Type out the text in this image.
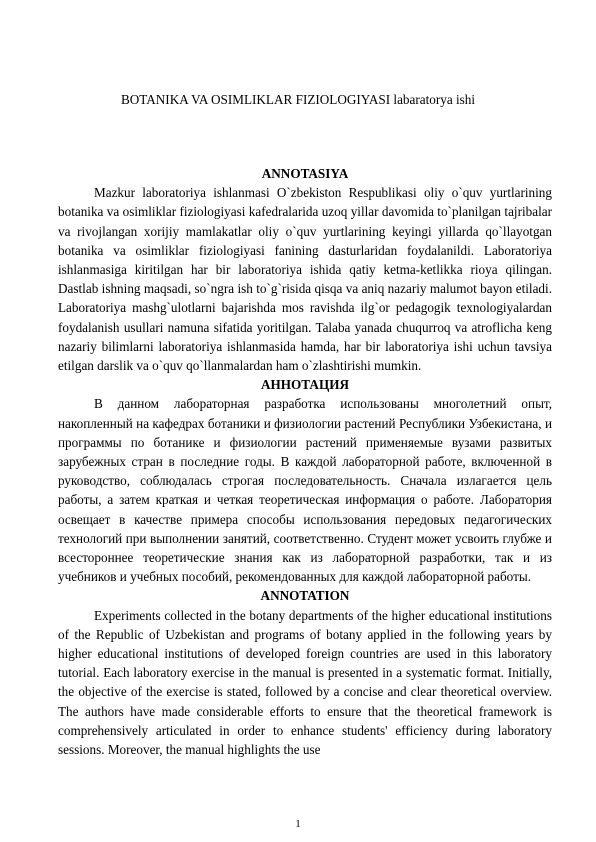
BOTANIKA VA OSIMLIKLAR FIZIOLOGIYASI labaratorya ishi
ANNOTASIYA

Mazkur laboratoriya ishlanmasi O`zbekiston Respublikasi oliy o`quv yurtlarining botanika va osimliklar fiziologiyasi kafedralarida uzoq yillar davomida to`planilgan tajribalar va rivojlangan xorijiy mamlakatlar oliy o`quv yurtlarining keyingi yillarda qo`llayotgan botanika va osimliklar fiziologiyasi fanining dasturlaridan foydalanildi. Laboratoriya ishlanmasiga kiritilgan har bir laboratoriya ishida qatiy ketma-ketlikka rioya qilingan. Dastlab ishning maqsadi, so`ngra ish to`g`risida qisqa va aniq nazariy malumot bayon etiladi. Laboratoriya mashg`ulotlarni bajarishda mos ravishda ilg`or pedagogik texnologiyalardan foydalanish usullari namuna sifatida yoritilgan. Talaba yanada chuqurroq va atroflicha keng nazariy bilimlarni laboratoriya ishlanmasida hamda, har bir laboratoriya ishi uchun tavsiya etilgan darslik va o`quv qo`llanmalardan ham o`zlashtirishi mumkin.

АННОТАЦИЯ

В данном лабораторная разработка использованы многолетний опыт, накопленный на кафедрах ботаники и физиологии растений Республики Узбекистана, и программы по ботанике и физиологии растений применяемые вузами развитых зарубежных стран в последние годы. В каждой лабораторной работе, включенной в руководство, соблюдалась строгая последовательность. Сначала излагается цель работы, а затем краткая и четкая теоретическая информация о работе. Лаборатория освещает в качестве примера способы использования передовых педагогических технологий при выполнении занятий, соответственно. Студент может усвоить глубже и всестороннее теоретические знания как из лабораторной разработки, так и из учебников и учебных пособий, рекомендованных для каждой лабораторной работы.

ANNOTATION

Experiments collected in the botany departments of the higher educational institutions of the Republic of Uzbekistan and programs of botany applied in the following years by higher educational institutions of developed foreign countries are used in this laboratory tutorial. Each laboratory exercise in the manual is presented in a systematic format. Initially, the objective of the exercise is stated, followed by a concise and clear theoretical overview. The authors have made considerable efforts to ensure that the theoretical framework is comprehensively articulated in order to enhance students' efficiency during laboratory sessions. Moreover, the manual highlights the use

1
